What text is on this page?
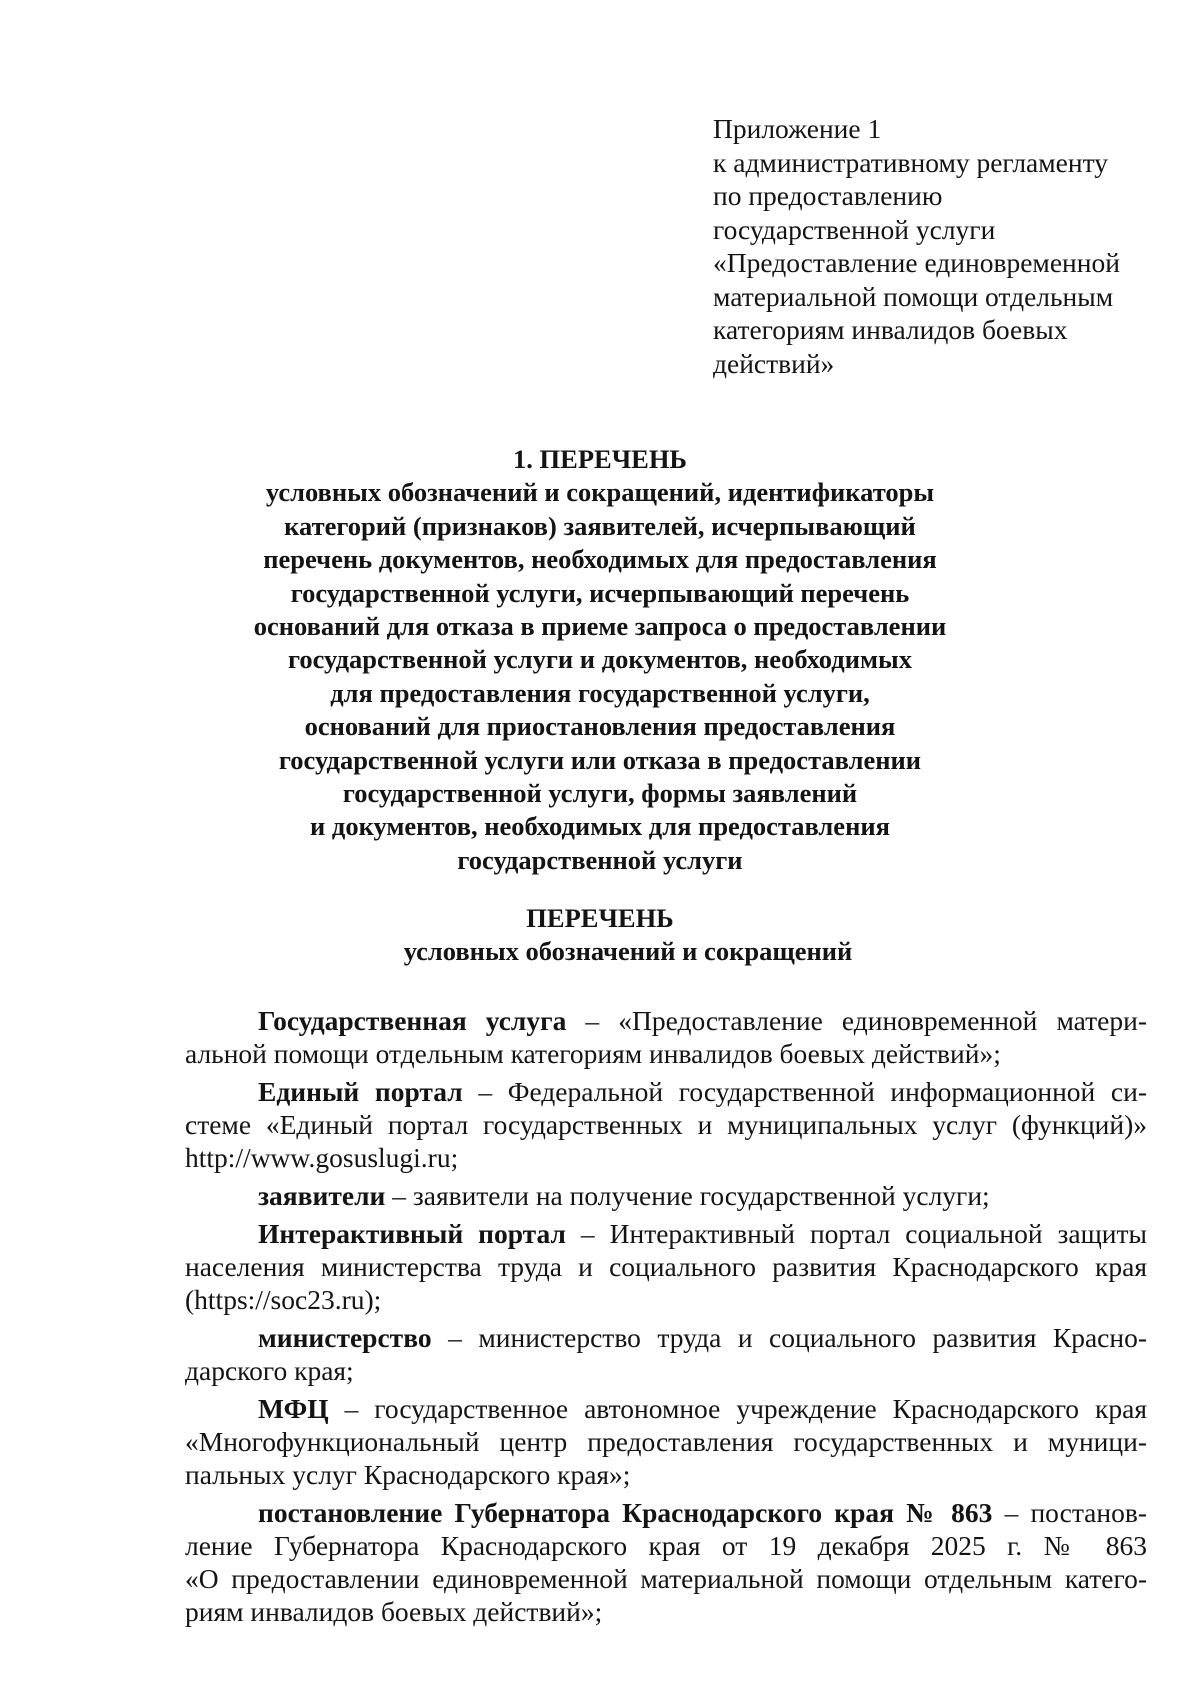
Приложение 1
к административному регламенту
по предоставлению
государственной услуги
«Предоставление единовременной
материальной помощи отдельным
категориям инвалидов боевых
действий»
1. ПЕРЕЧЕНЬ
условных обозначений и сокращений, идентификаторы
категорий (признаков) заявителей, исчерпывающий
перечень документов, необходимых для предоставления
государственной услуги, исчерпывающий перечень
оснований для отказа в приеме запроса о предоставлении
государственной услуги и документов, необходимых
для предоставления государственной услуги,
оснований для приостановления предоставления
государственной услуги или отказа в предоставлении
государственной услуги, формы заявлений
и документов, необходимых для предоставления
государственной услуги
ПЕРЕЧЕНЬ
условных обозначений и сокращений
Государственная услуга – «Предоставление единовременной матери-
альной помощи отдельным категориям инвалидов боевых действий»;
Единый портал – Федеральной государственной информационной си-
стеме «Единый портал государственных и муниципальных услуг (функций)»
http://www.gosuslugi.ru;
заявители – заявители на получение государственной услуги;
Интерактивный портал – Интерактивный портал социальной защиты
населения министерства труда и социального развития Краснодарского края
(https://soc23.ru);
министерство – министерство труда и социального развития Красно-
дарского края;
МФЦ – государственное автономное учреждение Краснодарского края
«Многофункциональный центр предоставления государственных и муници-
пальных услуг Краснодарского края»;
постановление Губернатора Краснодарского края № 863 – постанов-
ление Губернатора Краснодарского края от 19 декабря 2025 г. № 863
«О предоставлении единовременной материальной помощи отдельным катего-
риям инвалидов боевых действий»;
